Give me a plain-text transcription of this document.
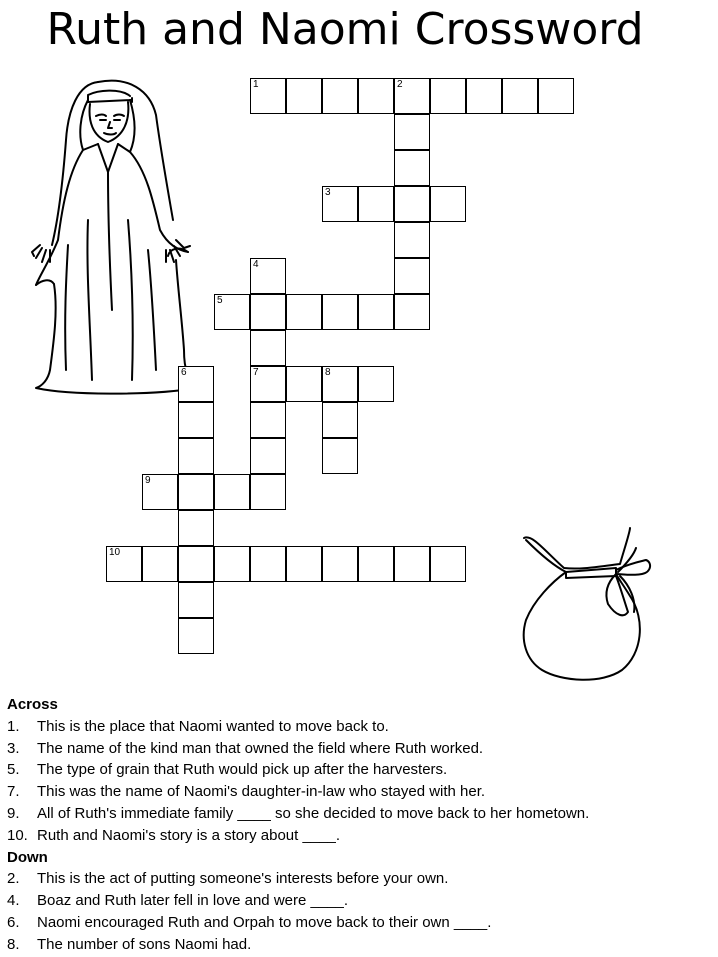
Ruth and Naomi Crossword
1	2
3
4
5
6	7	8
9
10
Across
1. This is the place that Naomi wanted to move back to.
3. The name of the kind man that owned the field where Ruth worked.
5. The type of grain that Ruth would pick up after the harvesters.
7. This was the name of Naomi's daughter-in-law who stayed with her.
9. All of Ruth's immediate family ____ so she decided to move back to her hometown.
10. Ruth and Naomi's story is a story about ____.
Down
2. This is the act of putting someone's interests before your own.
4. Boaz and Ruth later fell in love and were ____.
6. Naomi encouraged Ruth and Orpah to move back to their own ____.
8. The number of sons Naomi had.
